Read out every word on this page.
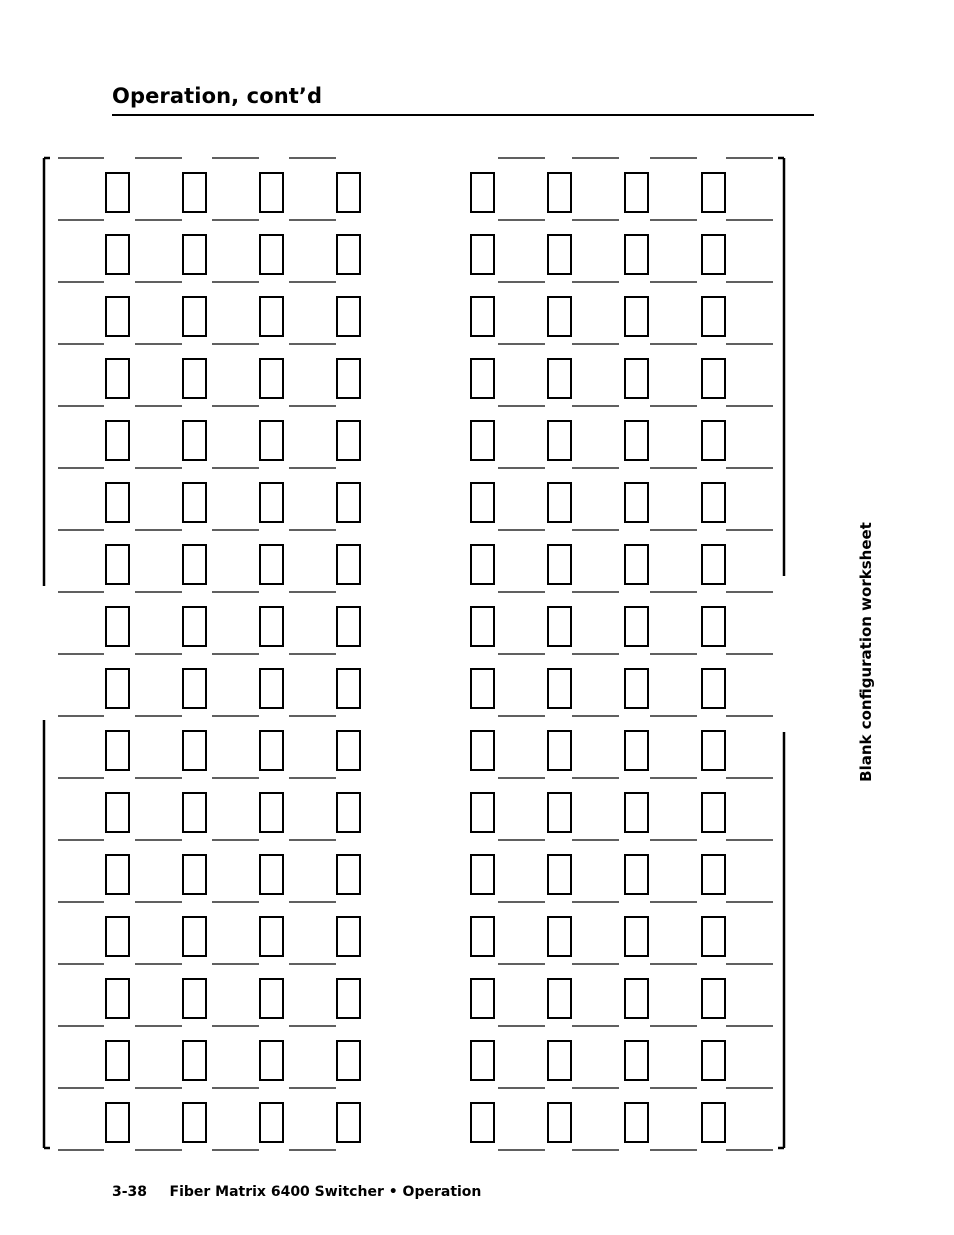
Operation, cont’d
Blank configuration worksheet
3-38 Fiber Matrix 6400 Switcher • Operation
